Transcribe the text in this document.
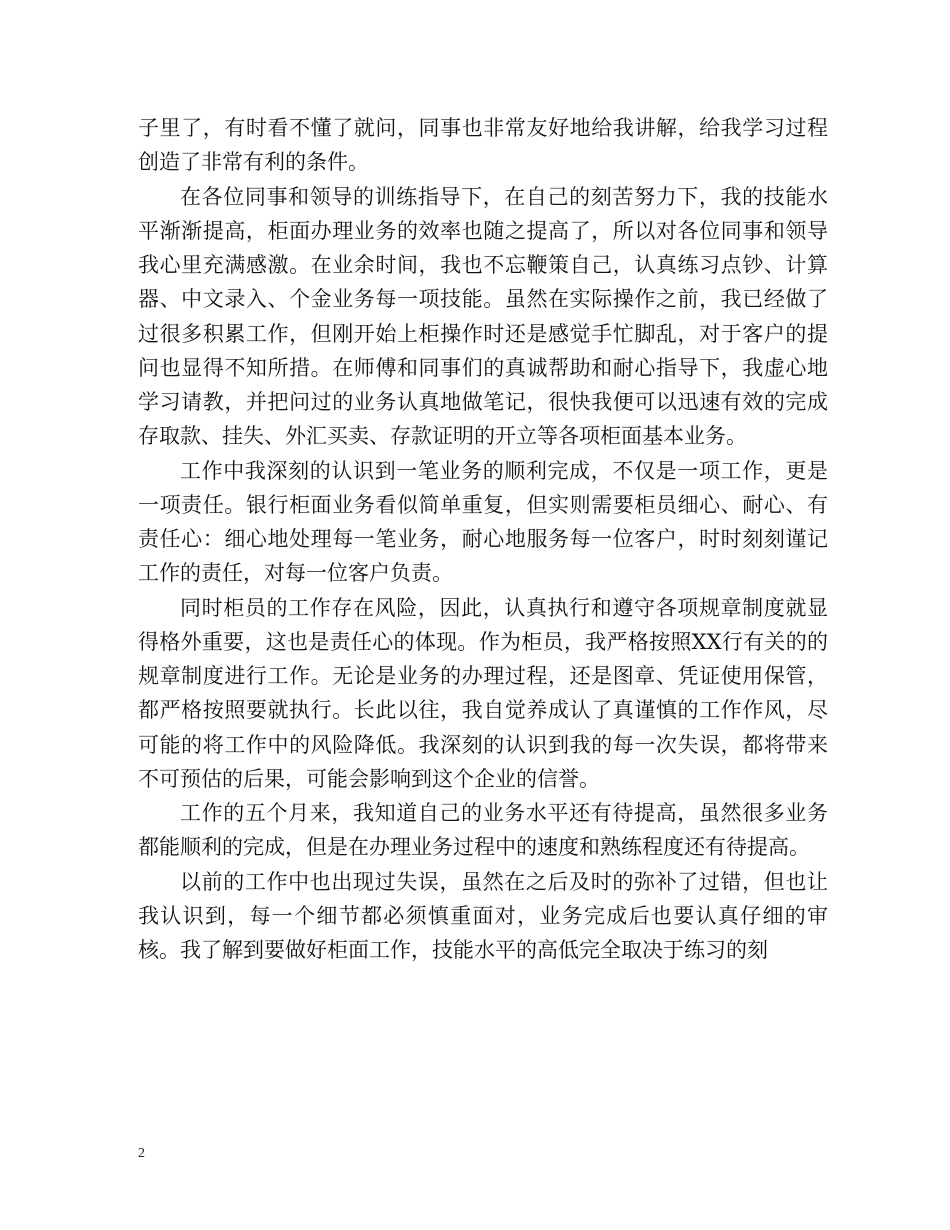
子里了，有时看不懂了就问，同事也非常友好地给我讲解，给我学习过程创造了非常有利的条件。

在各位同事和领导的训练指导下，在自己的刻苦努力下，我的技能水平渐渐提高，柜面办理业务的效率也随之提高了，所以对各位同事和领导我心里充满感激。在业余时间，我也不忘鞭策自己，认真练习点钞、计算器、中文录入、个金业务每一项技能。虽然在实际操作之前，我已经做了过很多积累工作，但刚开始上柜操作时还是感觉手忙脚乱，对于客户的提问也显得不知所措。在师傅和同事们的真诚帮助和耐心指导下，我虚心地学习请教，并把问过的业务认真地做笔记，很快我便可以迅速有效的完成存取款、挂失、外汇买卖、存款证明的开立等各项柜面基本业务。

工作中我深刻的认识到一笔业务的顺利完成，不仅是一项工作，更是一项责任。银行柜面业务看似简单重复，但实则需要柜员细心、耐心、有责任心：细心地处理每一笔业务，耐心地服务每一位客户，时时刻刻谨记工作的责任，对每一位客户负责。

同时柜员的工作存在风险，因此，认真执行和遵守各项规章制度就显得格外重要，这也是责任心的体现。作为柜员，我严格按照XX行有关的的规章制度进行工作。无论是业务的办理过程，还是图章、凭证使用保管，都严格按照要就执行。长此以往，我自觉养成认了真谨慎的工作作风，尽可能的将工作中的风险降低。我深刻的认识到我的每一次失误，都将带来不可预估的后果，可能会影响到这个企业的信誉。

工作的五个月来，我知道自己的业务水平还有待提高，虽然很多业务都能顺利的完成，但是在办理业务过程中的速度和熟练程度还有待提高。

以前的工作中也出现过失误，虽然在之后及时的弥补了过错，但也让我认识到，每一个细节都必须慎重面对，业务完成后也要认真仔细的审核。我了解到要做好柜面工作，技能水平的高低完全取决于练习的刻

2
